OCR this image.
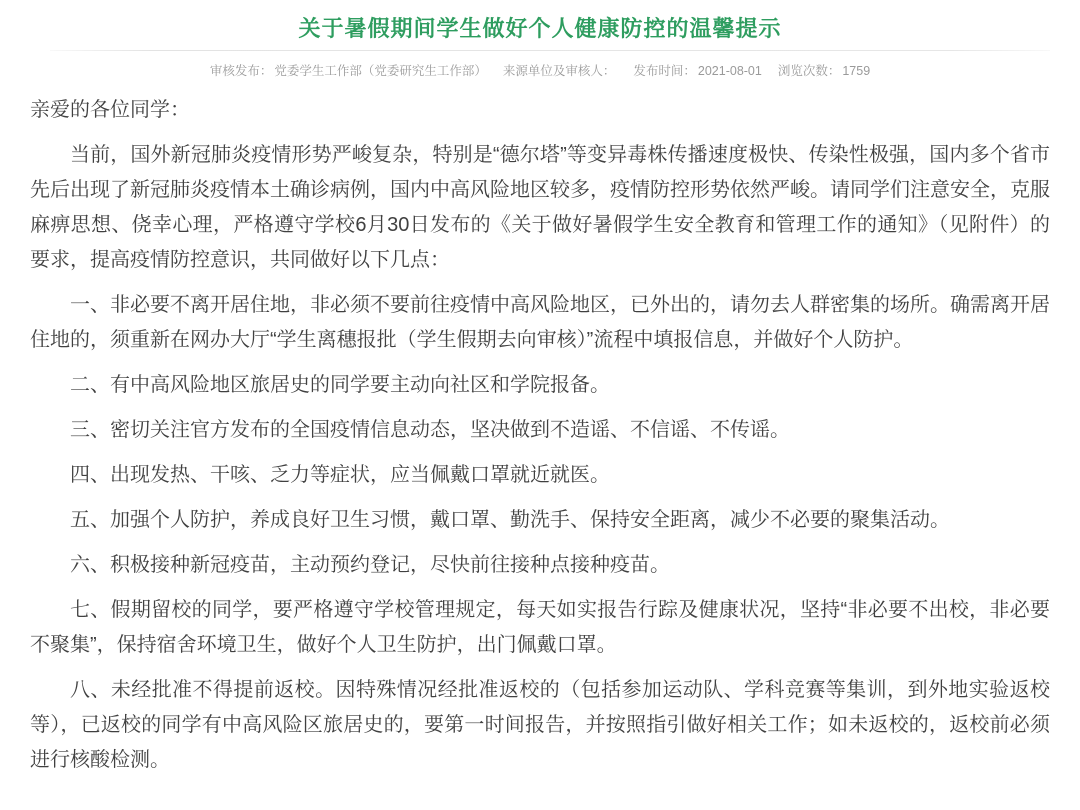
关于暑假期间学生做好个人健康防控的温馨提示
审核发布： 党委学生工作部（党委研究生工作部） 来源单位及审核人： 发布时间： 2021-08-01 浏览次数： 1759

亲爱的各位同学：

当前，国外新冠肺炎疫情形势严峻复杂，特别是“德尔塔”等变异毒株传播速度极快、传染性极强，国内多个省市先后出现了新冠肺炎疫情本土确诊病例，国内中高风险地区较多，疫情防控形势依然严峻。请同学们注意安全，克服麻痹思想、侥幸心理，严格遵守学校6月30日发布的《关于做好暑假学生安全教育和管理工作的通知》（见附件）的要求，提高疫情防控意识，共同做好以下几点：

一、非必要不离开居住地，非必须不要前往疫情中高风险地区，已外出的，请勿去人群密集的场所。确需离开居住地的，须重新在网办大厅“学生离穗报批（学生假期去向审核）”流程中填报信息，并做好个人防护。

二、有中高风险地区旅居史的同学要主动向社区和学院报备。

三、密切关注官方发布的全国疫情信息动态，坚决做到不造谣、不信谣、不传谣。

四、出现发热、干咳、乏力等症状，应当佩戴口罩就近就医。

五、加强个人防护，养成良好卫生习惯，戴口罩、勤洗手、保持安全距离，减少不必要的聚集活动。

六、积极接种新冠疫苗，主动预约登记，尽快前往接种点接种疫苗。

七、假期留校的同学，要严格遵守学校管理规定，每天如实报告行踪及健康状况，坚持“非必要不出校，非必要不聚集”，保持宿舍环境卫生，做好个人卫生防护，出门佩戴口罩。

八、未经批准不得提前返校。因特殊情况经批准返校的（包括参加运动队、学科竞赛等集训，到外地实验返校等），已返校的同学有中高风险区旅居史的，要第一时间报告，并按照指引做好相关工作；如未返校的，返校前必须进行核酸检测。
